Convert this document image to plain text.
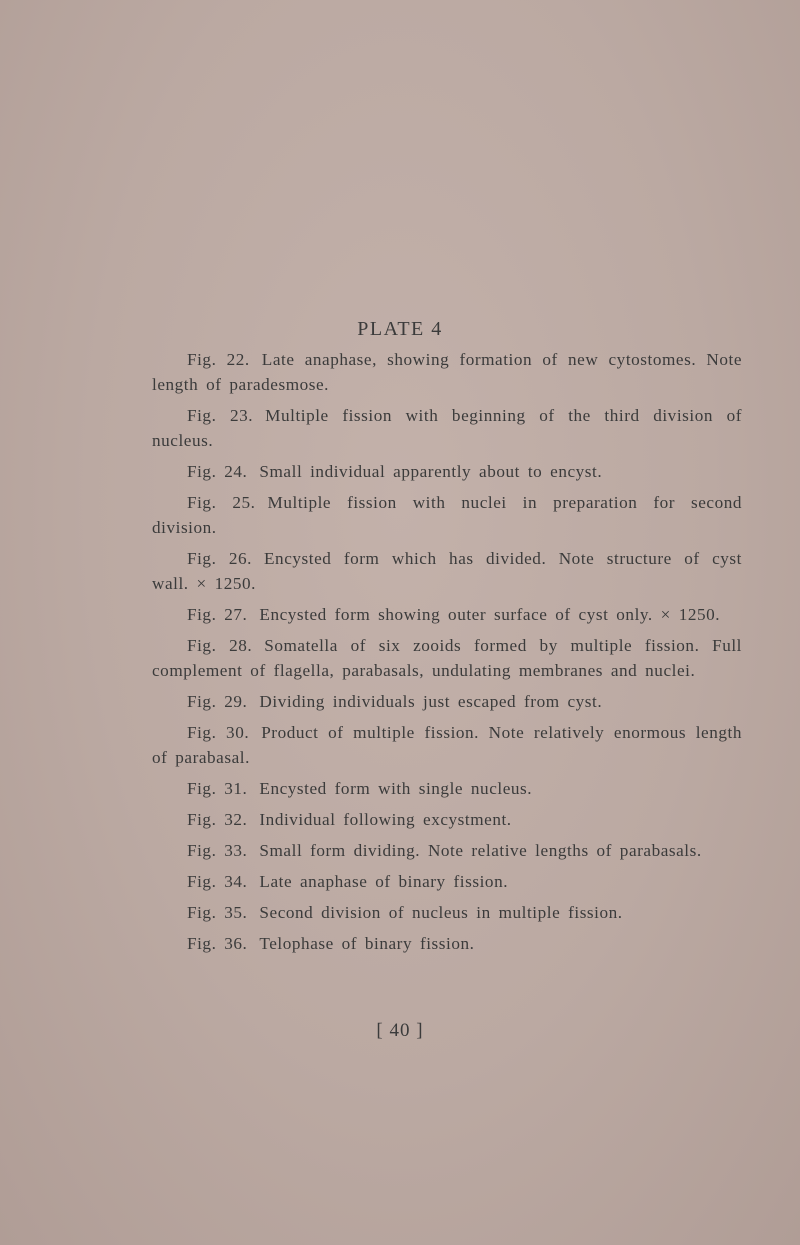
PLATE 4

Fig. 22. Late anaphase, showing formation of new cytostomes. Note length of paradesmose.

Fig. 23. Multiple fission with beginning of the third division of nucleus.

Fig. 24. Small individual apparently about to encyst.

Fig. 25. Multiple fission with nuclei in preparation for second division.

Fig. 26. Encysted form which has divided. Note structure of cyst wall. × 1250.

Fig. 27. Encysted form showing outer surface of cyst only. × 1250.

Fig. 28. Somatella of six zooids formed by multiple fission. Full complement of flagella, parabasals, undulating membranes and nuclei.

Fig. 29. Dividing individuals just escaped from cyst.

Fig. 30. Product of multiple fission. Note relatively enormous length of parabasal.

Fig. 31. Encysted form with single nucleus.

Fig. 32. Individual following excystment.

Fig. 33. Small form dividing. Note relative lengths of parabasals.

Fig. 34. Late anaphase of binary fission.

Fig. 35. Second division of nucleus in multiple fission.

Fig. 36. Telophase of binary fission.

[ 40 ]
